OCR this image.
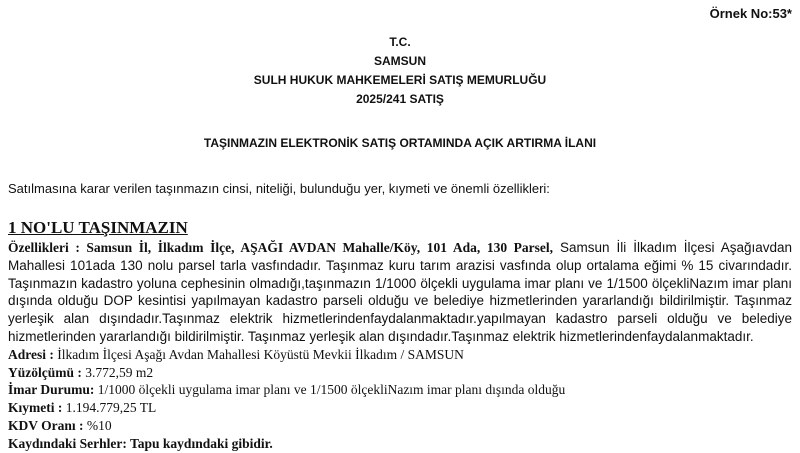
Örnek No:53*
T.C.
SAMSUN
SULH HUKUK MAHKEMELERİ SATIŞ MEMURLUĞU
2025/241 SATIŞ
TAŞINMAZIN ELEKTRONİK SATIŞ ORTAMINDA AÇIK ARTIRMA İLANI
Satılmasına karar verilen taşınmazın cinsi, niteliği, bulunduğu yer, kıymeti ve önemli özellikleri:
1 NO'LU TAŞINMAZIN
Özellikleri : Samsun İl, İlkadım İlçe, AŞAĞI AVDAN Mahalle/Köy, 101 Ada, 130 Parsel, Samsun İli İlkadım İlçesi Aşağıavdan Mahallesi 101ada 130 nolu parsel tarla vasfındadır. Taşınmaz kuru tarım arazisi vasfında olup ortalama eğimi % 15 civarındadır. Taşınmazın kadastro yoluna cephesinin olmadığı,taşınmazın 1/1000 ölçekli uygulama imar planı ve 1/1500 ölçekliNazım imar planı dışında olduğu DOP kesintisi yapılmayan kadastro parseli olduğu ve belediye hizmetlerinden yararlandığı bildirilmiştir. Taşınmaz yerleşik alan dışındadır.Taşınmaz elektrik hizmetlerindenfaydalanmaktadır.yapılmayan kadastro parseli olduğu ve belediye hizmetlerinden yararlandığı bildirilmiştir. Taşınmaz yerleşik alan dışındadır.Taşınmaz elektrik hizmetlerindenfaydalanmaktadır.
Adresi : İlkadım İlçesi Aşağı Avdan Mahallesi Köyüstü Mevkii İlkadım / SAMSUN
Yüzölçümü : 3.772,59 m2
İmar Durumu: 1/1000 ölçekli uygulama imar planı ve 1/1500 ölçekliNazım imar planı dışında olduğu
Kıymeti : 1.194.779,25 TL
KDV Oranı : %10
Kaydındaki Serhler: Tapu kaydındaki gibidir.
